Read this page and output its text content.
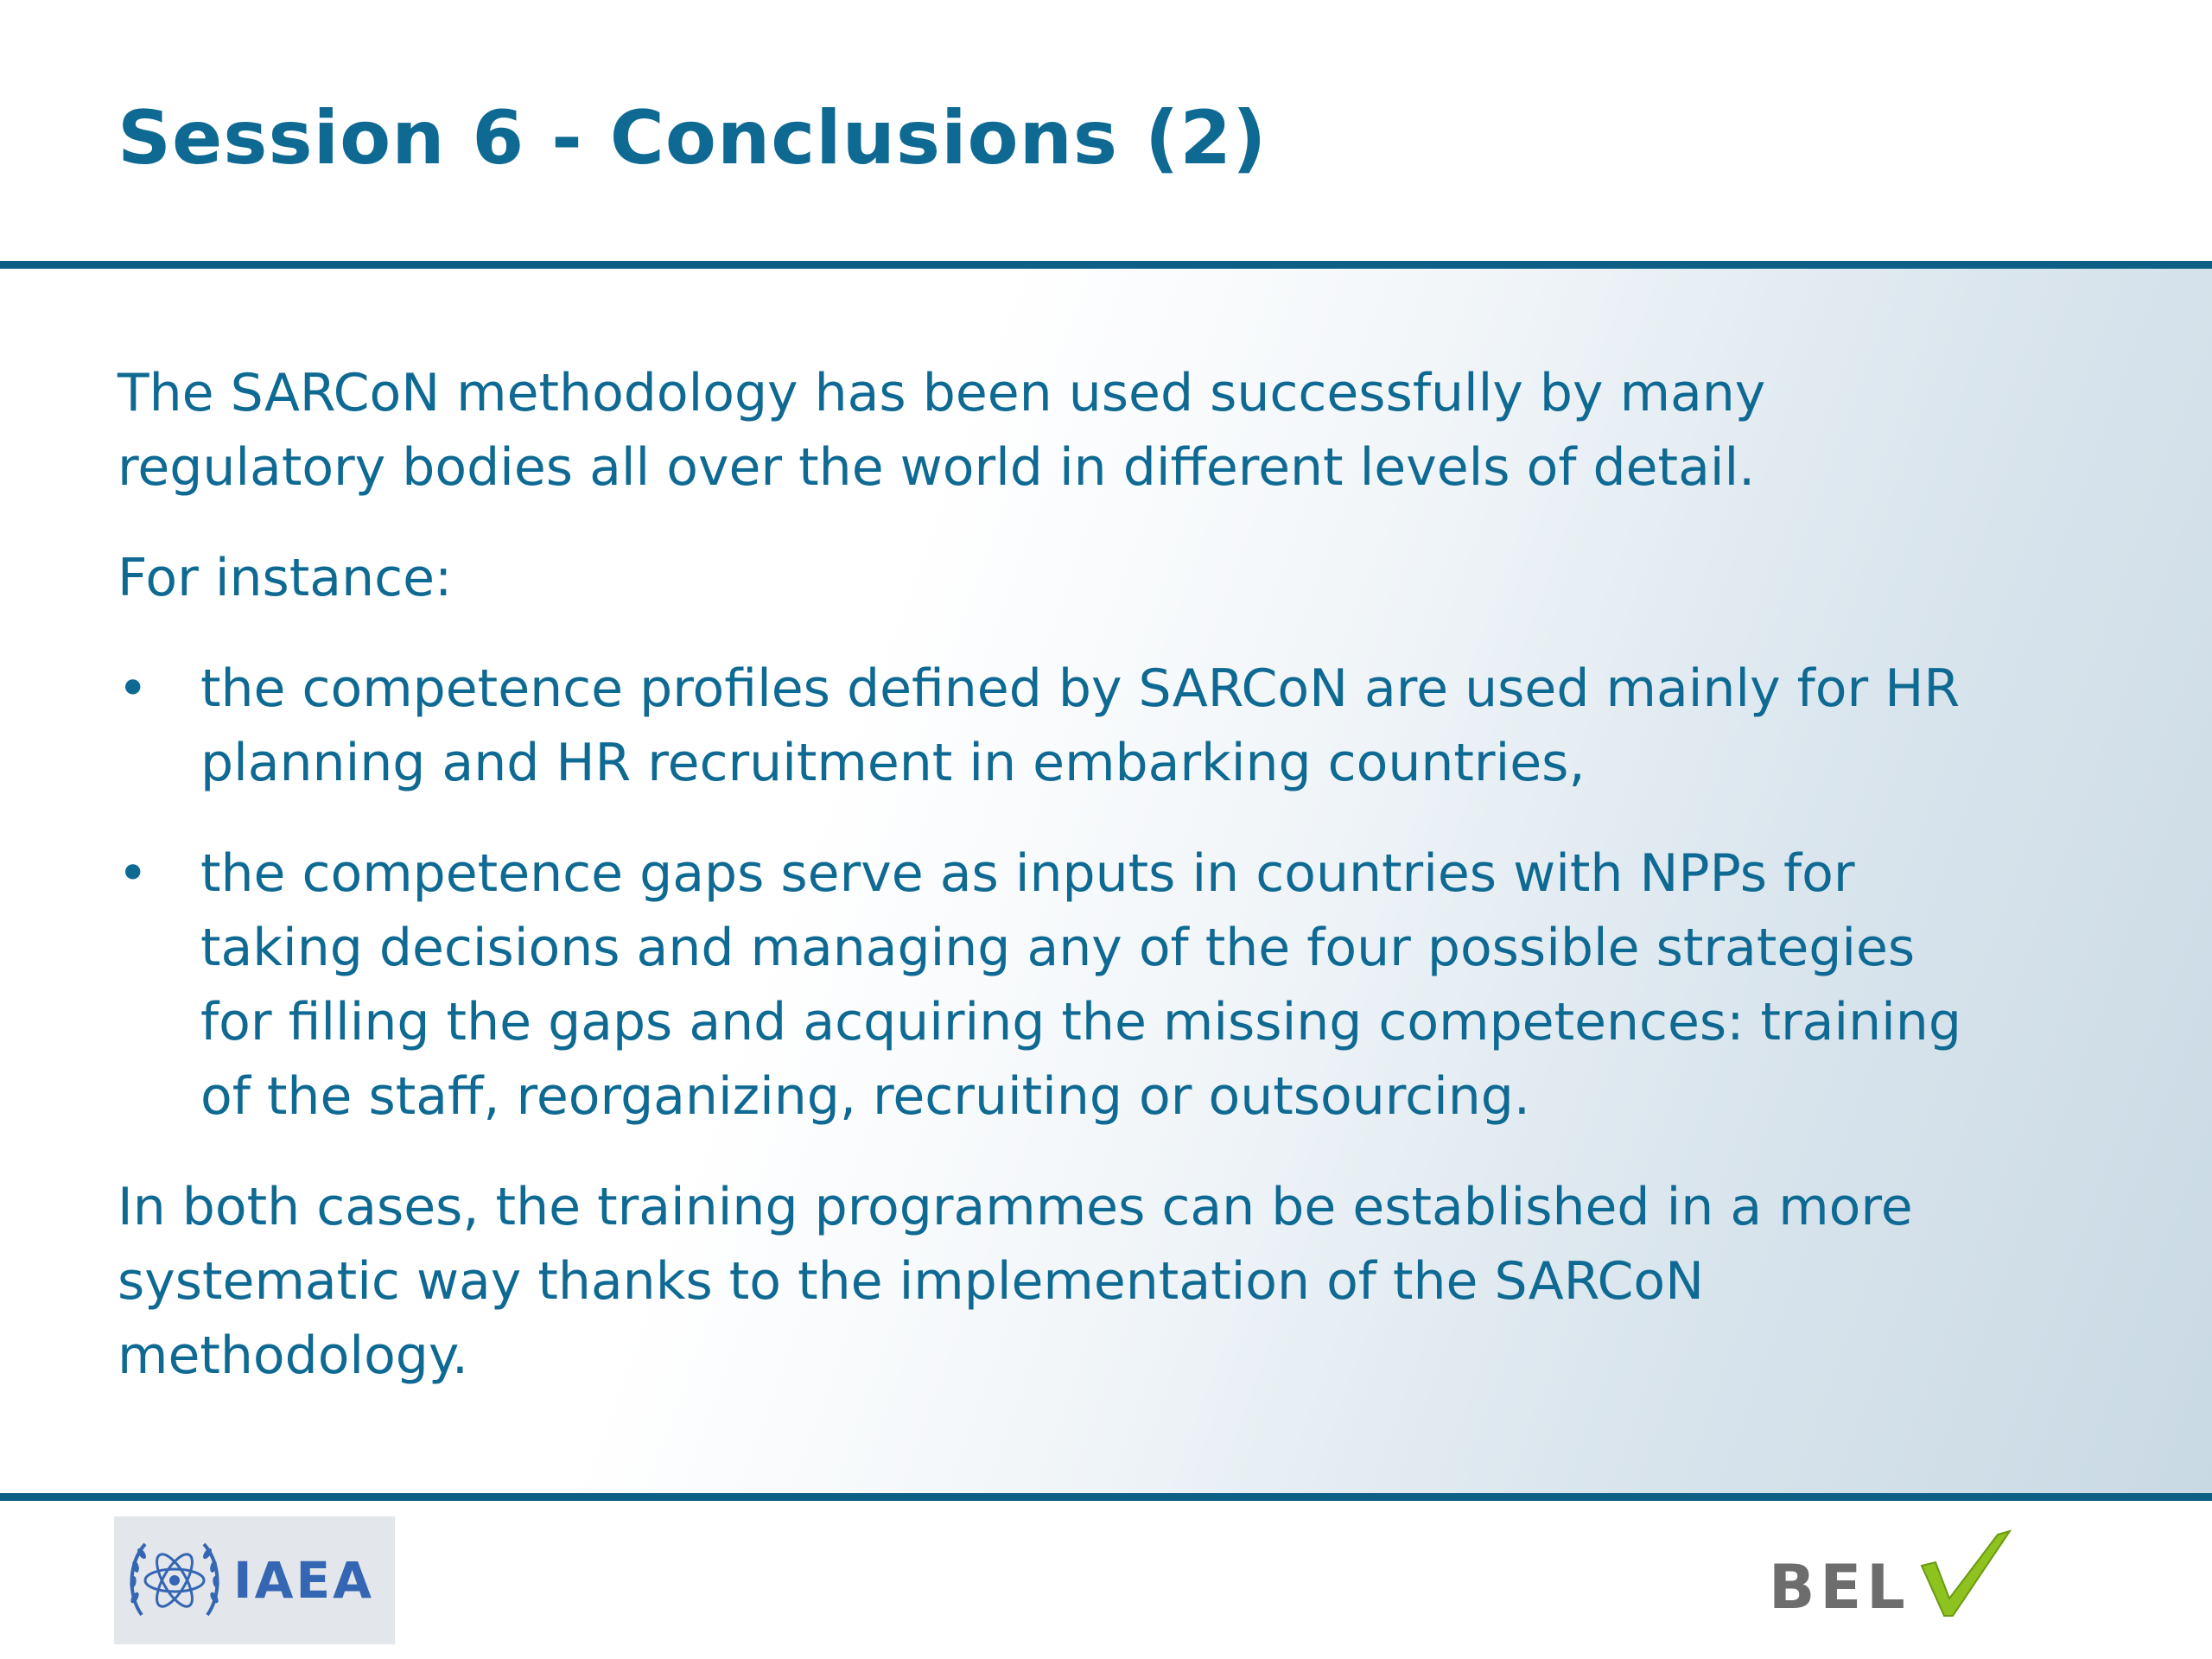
Session 6 - Conclusions (2)

The SARCoN methodology has been used successfully by many
regulatory bodies all over the world in different levels of detail.

For instance:

• the competence profiles defined by SARCoN are used mainly for HR
planning and HR recruitment in embarking countries,
• the competence gaps serve as inputs in countries with NPPs for
taking decisions and managing any of the four possible strategies
for filling the gaps and acquiring the missing competences: training
of the staff, reorganizing, recruiting or outsourcing.

In both cases, the training programmes can be established in a more
systematic way thanks to the implementation of the SARCoN
methodology.

IAEA	BEL
